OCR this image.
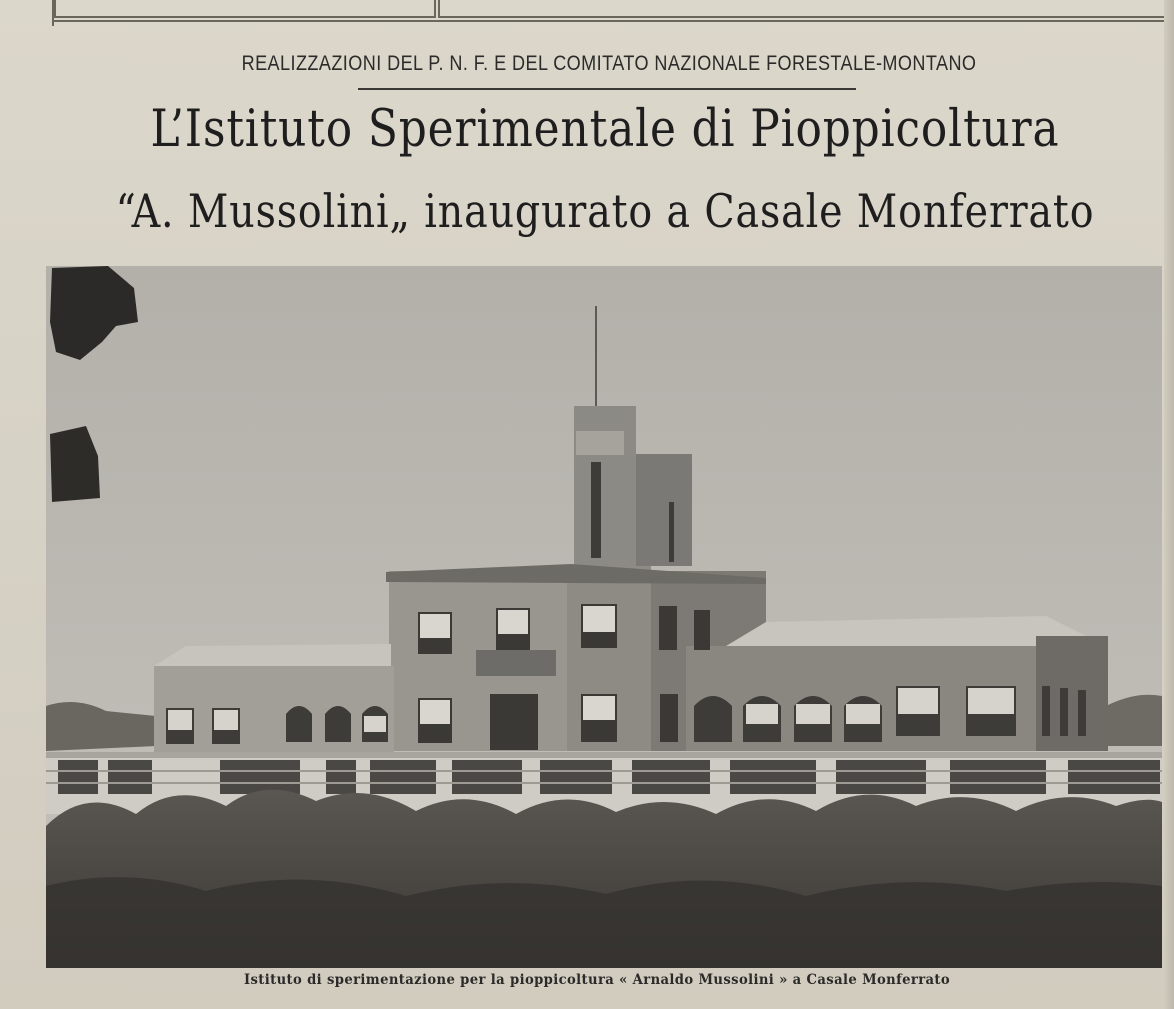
REALIZZAZIONI DEL P. N. F. E DEL COMITATO NAZIONALE FORESTALE-MONTANO
L’Istituto Sperimentale di Pioppicoltura
“A. Mussolini„ inaugurato a Casale Monferrato
Istituto di sperimentazione per la pioppicoltura « Arnaldo Mussolini » a Casale Monferrato
